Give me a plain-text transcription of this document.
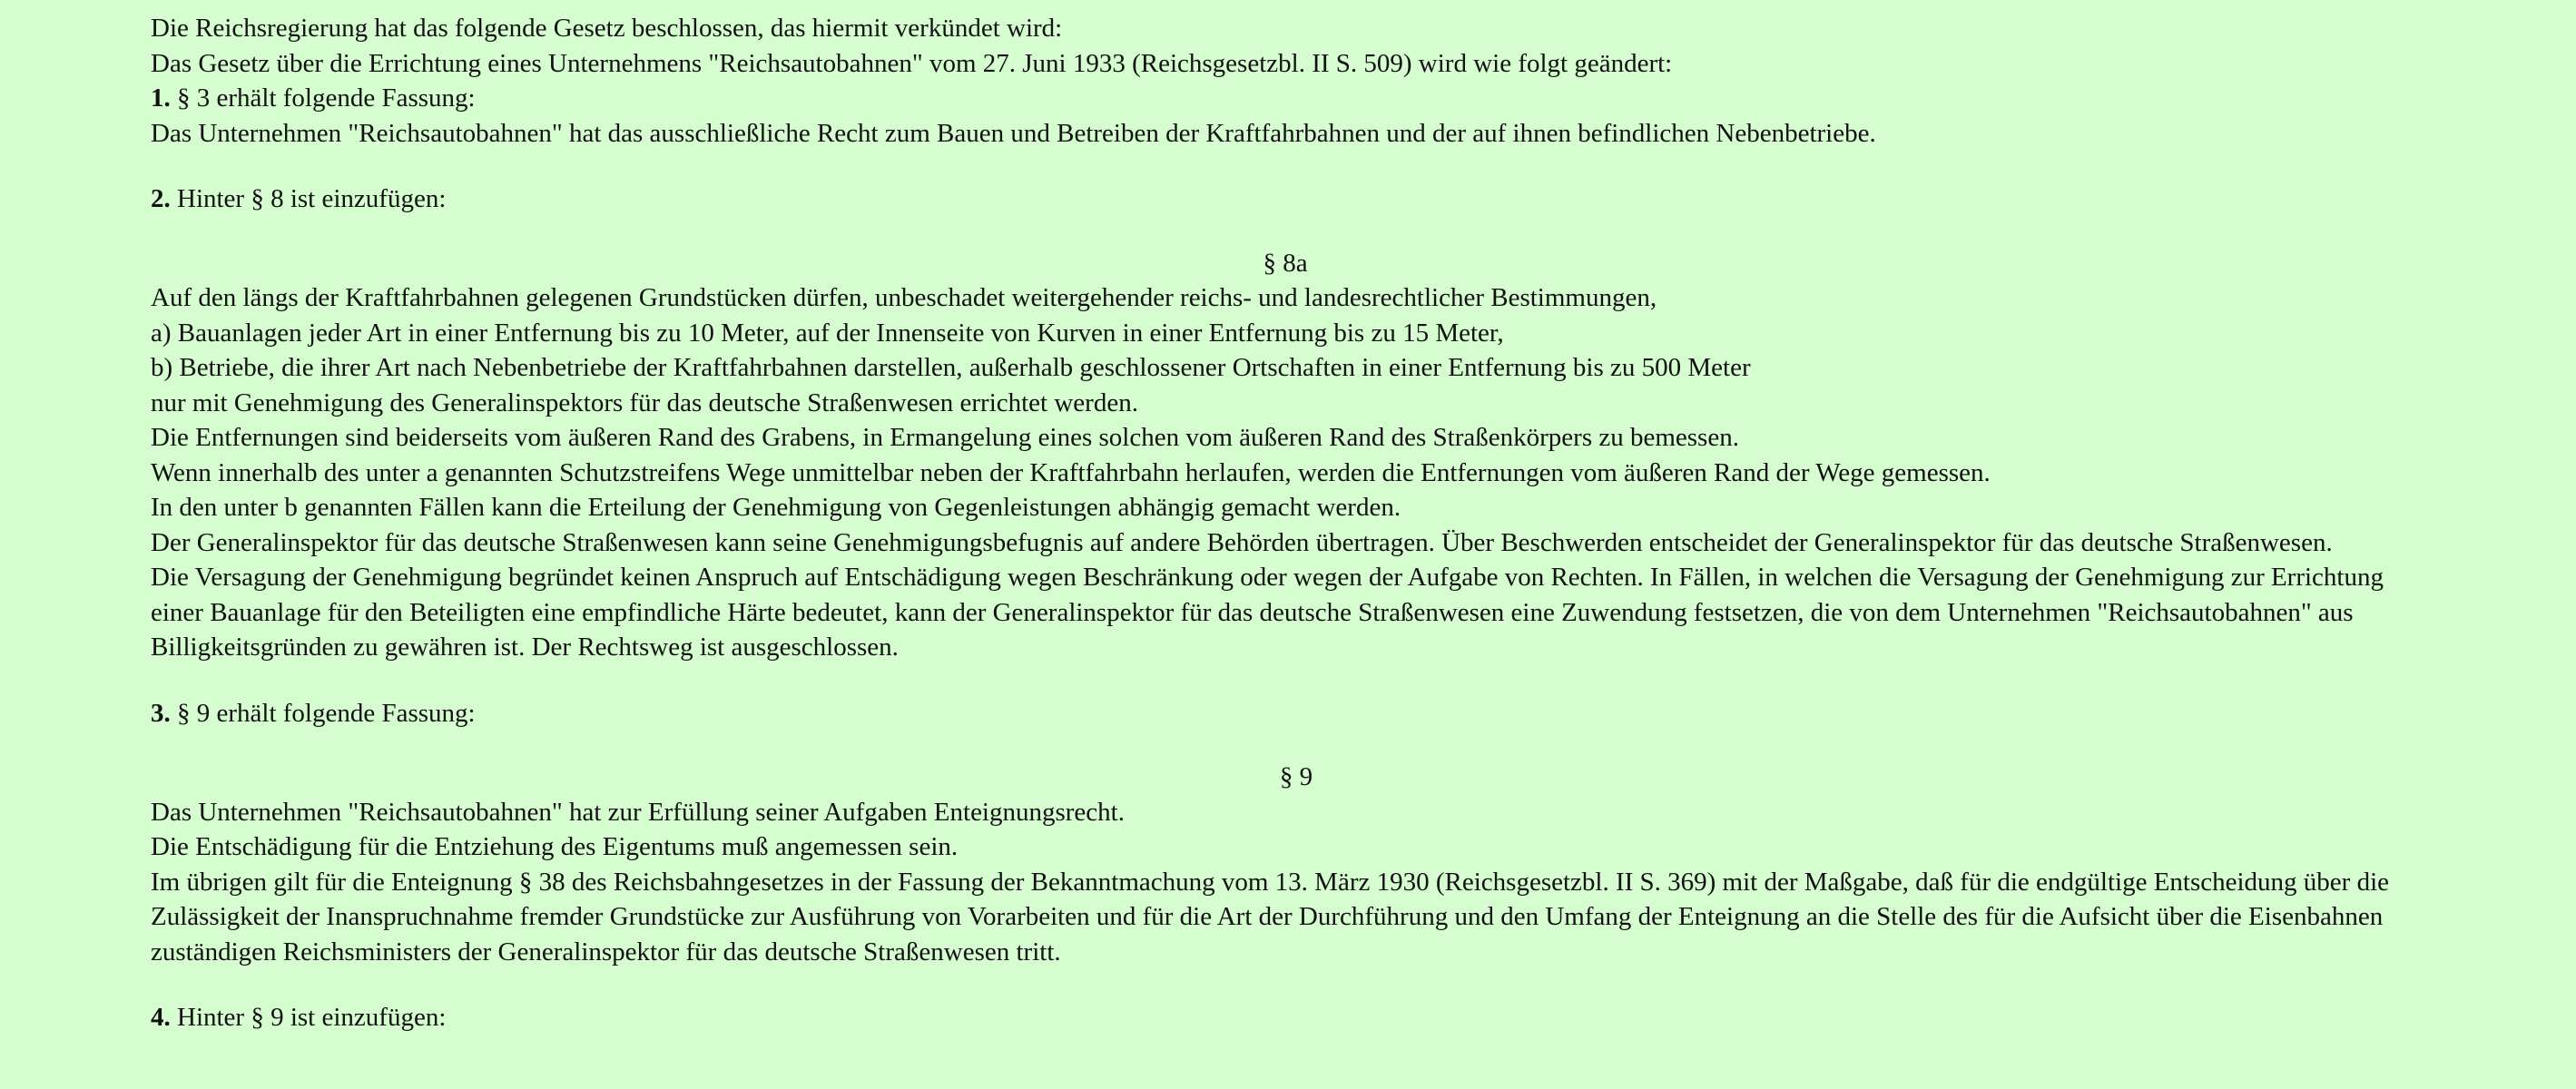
Die Reichsregierung hat das folgende Gesetz beschlossen, das hiermit verkündet wird:
Das Gesetz über die Errichtung eines Unternehmens "Reichsautobahnen" vom 27. Juni 1933 (Reichsgesetzbl. II S. 509) wird wie folgt geändert:
1. § 3 erhält folgende Fassung:
Das Unternehmen "Reichsautobahnen" hat das ausschließliche Recht zum Bauen und Betreiben der Kraftfahrbahnen und der auf ihnen befindlichen Nebenbetriebe.
2. Hinter § 8 ist einzufügen:
§ 8a
Auf den längs der Kraftfahrbahnen gelegenen Grundstücken dürfen, unbeschadet weitergehender reichs- und landesrechtlicher Bestimmungen,
a) Bauanlagen jeder Art in einer Entfernung bis zu 10 Meter, auf der Innenseite von Kurven in einer Entfernung bis zu 15 Meter,
b) Betriebe, die ihrer Art nach Nebenbetriebe der Kraftfahrbahnen darstellen, außerhalb geschlossener Ortschaften in einer Entfernung bis zu 500 Meter
nur mit Genehmigung des Generalinspektors für das deutsche Straßenwesen errichtet werden.
Die Entfernungen sind beiderseits vom äußeren Rand des Grabens, in Ermangelung eines solchen vom äußeren Rand des Straßenkörpers zu bemessen.
Wenn innerhalb des unter a genannten Schutzstreifens Wege unmittelbar neben der Kraftfahrbahn herlaufen, werden die Entfernungen vom äußeren Rand der Wege gemessen.
In den unter b genannten Fällen kann die Erteilung der Genehmigung von Gegenleistungen abhängig gemacht werden.
Der Generalinspektor für das deutsche Straßenwesen kann seine Genehmigungsbefugnis auf andere Behörden übertragen. Über Beschwerden entscheidet der Generalinspektor für das deutsche Straßenwesen.
Die Versagung der Genehmigung begründet keinen Anspruch auf Entschädigung wegen Beschränkung oder wegen der Aufgabe von Rechten. In Fällen, in welchen die Versagung der Genehmigung zur Errichtung einer Bauanlage für den Beteiligten eine empfindliche Härte bedeutet, kann der Generalinspektor für das deutsche Straßenwesen eine Zuwendung festsetzen, die von dem Unternehmen "Reichsautobahnen" aus Billigkeitsgründen zu gewähren ist. Der Rechtsweg ist ausgeschlossen.
3. § 9 erhält folgende Fassung:
§ 9
Das Unternehmen "Reichsautobahnen" hat zur Erfüllung seiner Aufgaben Enteignungsrecht.
Die Entschädigung für die Entziehung des Eigentums muß angemessen sein.
Im übrigen gilt für die Enteignung § 38 des Reichsbahngesetzes in der Fassung der Bekanntmachung vom 13. März 1930 (Reichsgesetzbl. II S. 369) mit der Maßgabe, daß für die endgültige Entscheidung über die Zulässigkeit der Inanspruchnahme fremder Grundstücke zur Ausführung von Vorarbeiten und für die Art der Durchführung und den Umfang der Enteignung an die Stelle des für die Aufsicht über die Eisenbahnen zuständigen Reichsministers der Generalinspektor für das deutsche Straßenwesen tritt.
4. Hinter § 9 ist einzufügen:
